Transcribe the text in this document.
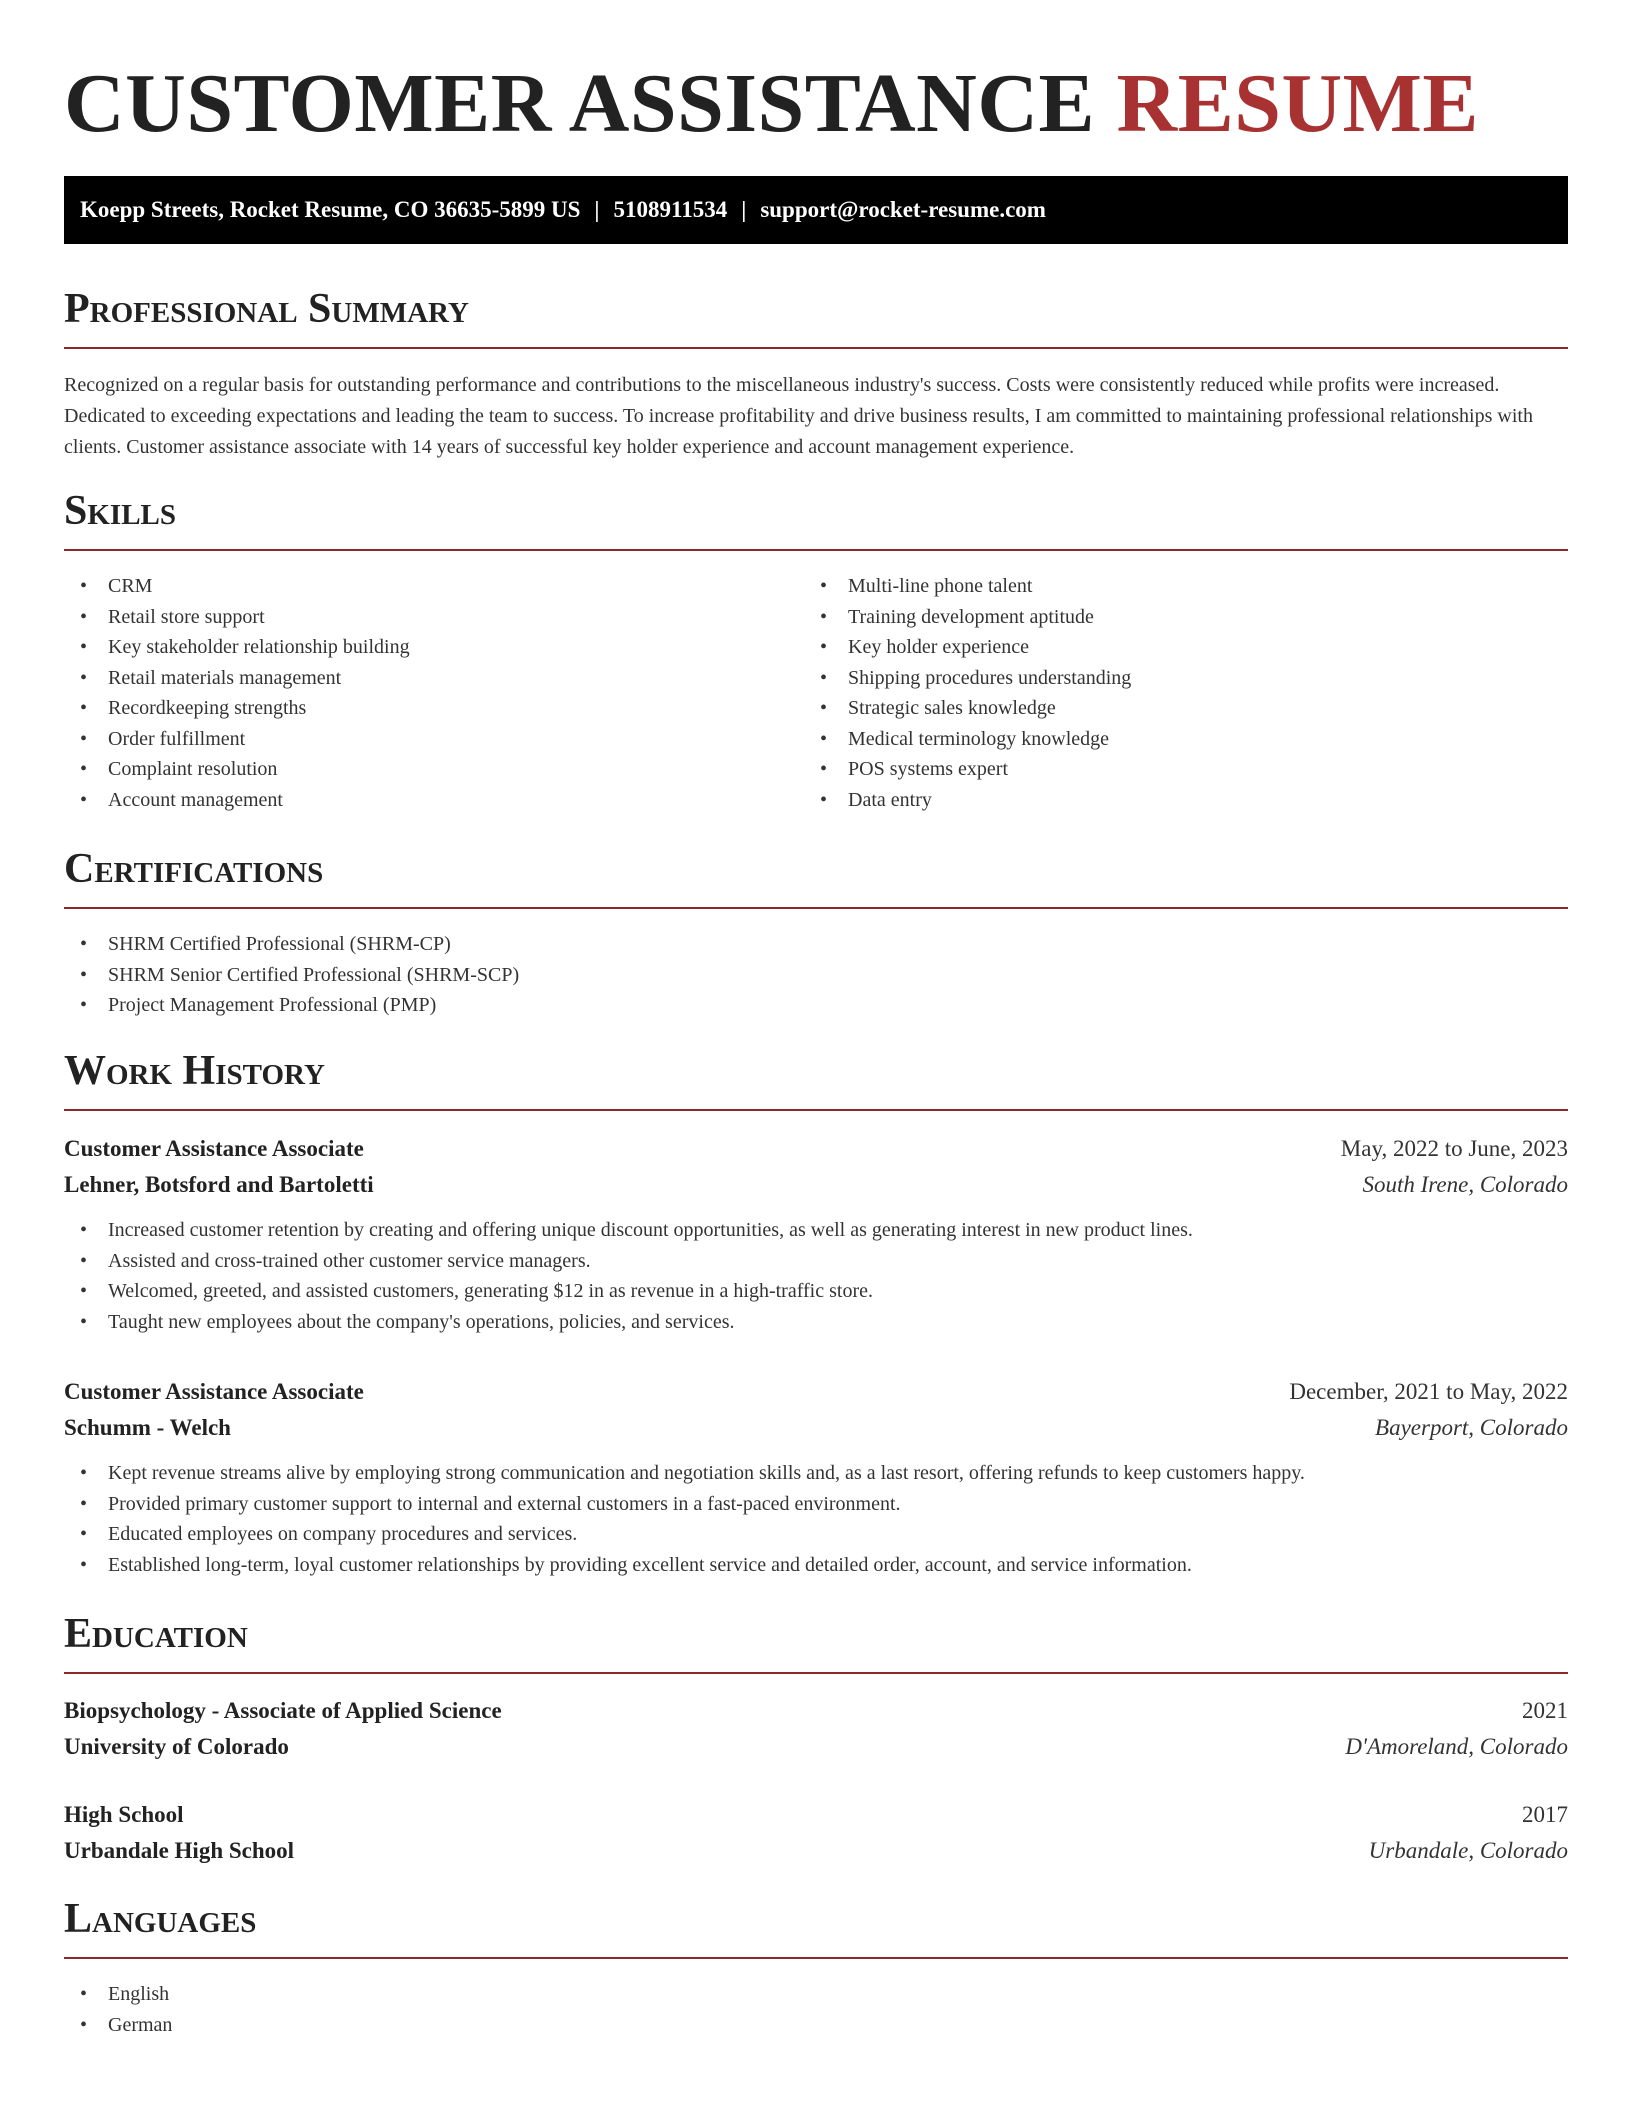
CUSTOMER ASSISTANCE RESUME
Koepp Streets, Rocket Resume, CO 36635-5899 US | 5108911534 | support@rocket-resume.com
Professional Summary

Recognized on a regular basis for outstanding performance and contributions to the miscellaneous industry's success. Costs were consistently reduced while profits were increased. Dedicated to exceeding expectations and leading the team to success. To increase profitability and drive business results, I am committed to maintaining professional relationships with clients. Customer assistance associate with 14 years of successful key holder experience and account management experience.

Skills
• CRM
• Retail store support
• Key stakeholder relationship building
• Retail materials management
• Recordkeeping strengths
• Order fulfillment
• Complaint resolution
• Account management
• Multi-line phone talent
• Training development aptitude
• Key holder experience
• Shipping procedures understanding
• Strategic sales knowledge
• Medical terminology knowledge
• POS systems expert
• Data entry
Certifications
• SHRM Certified Professional (SHRM-CP)
• SHRM Senior Certified Professional (SHRM-SCP)
• Project Management Professional (PMP)
Work History
Customer Assistance Associate	May, 2022 to June, 2023
Lehner, Botsford and Bartoletti	South Irene, Colorado
• Increased customer retention by creating and offering unique discount opportunities, as well as generating interest in new product lines.
• Assisted and cross-trained other customer service managers.
• Welcomed, greeted, and assisted customers, generating $12 in as revenue in a high-traffic store.
• Taught new employees about the company's operations, policies, and services.
Customer Assistance Associate	December, 2021 to May, 2022
Schumm - Welch	Bayerport, Colorado
• Kept revenue streams alive by employing strong communication and negotiation skills and, as a last resort, offering refunds to keep customers happy.
• Provided primary customer support to internal and external customers in a fast-paced environment.
• Educated employees on company procedures and services.
• Established long-term, loyal customer relationships by providing excellent service and detailed order, account, and service information.
Education
Biopsychology - Associate of Applied Science	2021
University of Colorado	D'Amoreland, Colorado
High School	2017
Urbandale High School	Urbandale, Colorado
Languages
• English
• German
